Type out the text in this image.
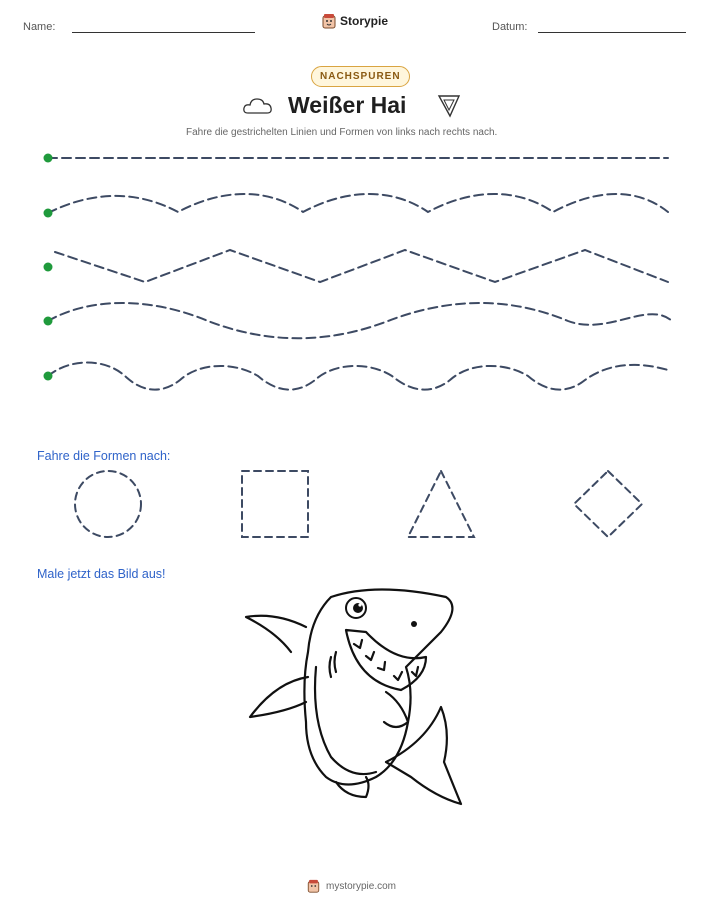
Name:	Storypie	Datum:
NACHSPUREN
Weißer Hai
Fahre die gestrichelten Linien und Formen von links nach rechts nach.
Fahre die Formen nach:
Male jetzt das Bild aus!
mystorypie.com
